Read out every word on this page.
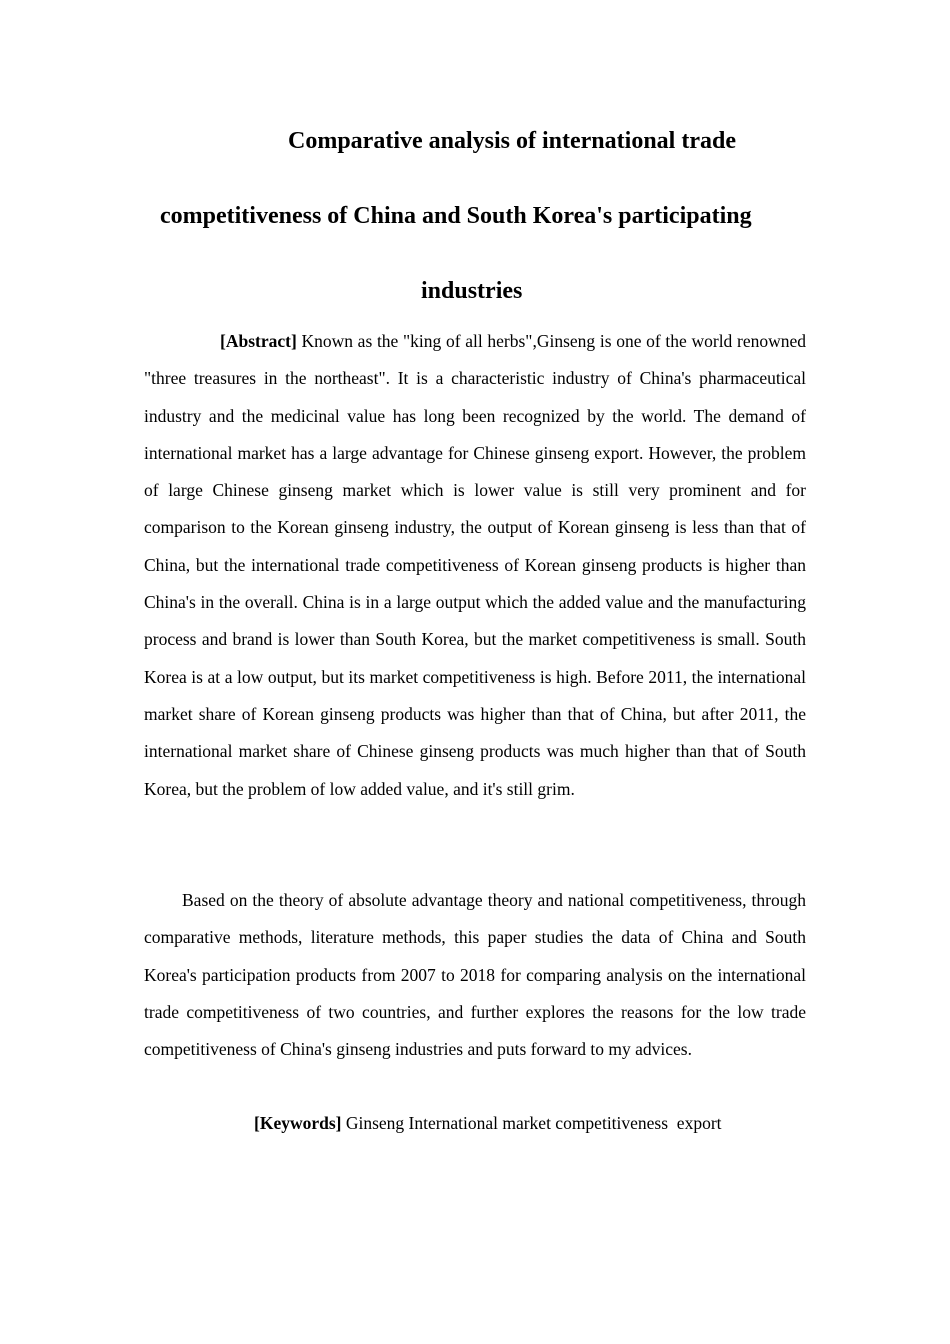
Comparative analysis of international trade
competitiveness of China and South Korea's participating
industries

[Abstract] Known as the "king of all herbs",Ginseng is one of the world renowned "three treasures in the northeast". It is a characteristic industry of China's pharmaceutical industry and the medicinal value has long been recognized by the world. The demand of international market has a large advantage for Chinese ginseng export. However, the problem of large Chinese ginseng market which is lower value is still very prominent and for comparison to the Korean ginseng industry, the output of Korean ginseng is less than that of China, but the international trade competitiveness of Korean ginseng products is higher than China's in the overall. China is in a large output which the added value and the manufacturing process and brand is lower than South Korea, but the market competitiveness is small. South Korea is at a low output, but its market competitiveness is high. Before 2011, the international market share of Korean ginseng products was higher than that of China, but after 2011, the international market share of Chinese ginseng products was much higher than that of South Korea, but the problem of low added value, and it's still grim.

Based on the theory of absolute advantage theory and national competitiveness, through comparative methods, literature methods, this paper studies the data of China and South Korea's participation products from 2007 to 2018 for comparing analysis on the international trade competitiveness of two countries, and further explores the reasons for the low trade competitiveness of China's ginseng industries and puts forward to my advices.

[Keywords] Ginseng International market competitiveness  export
